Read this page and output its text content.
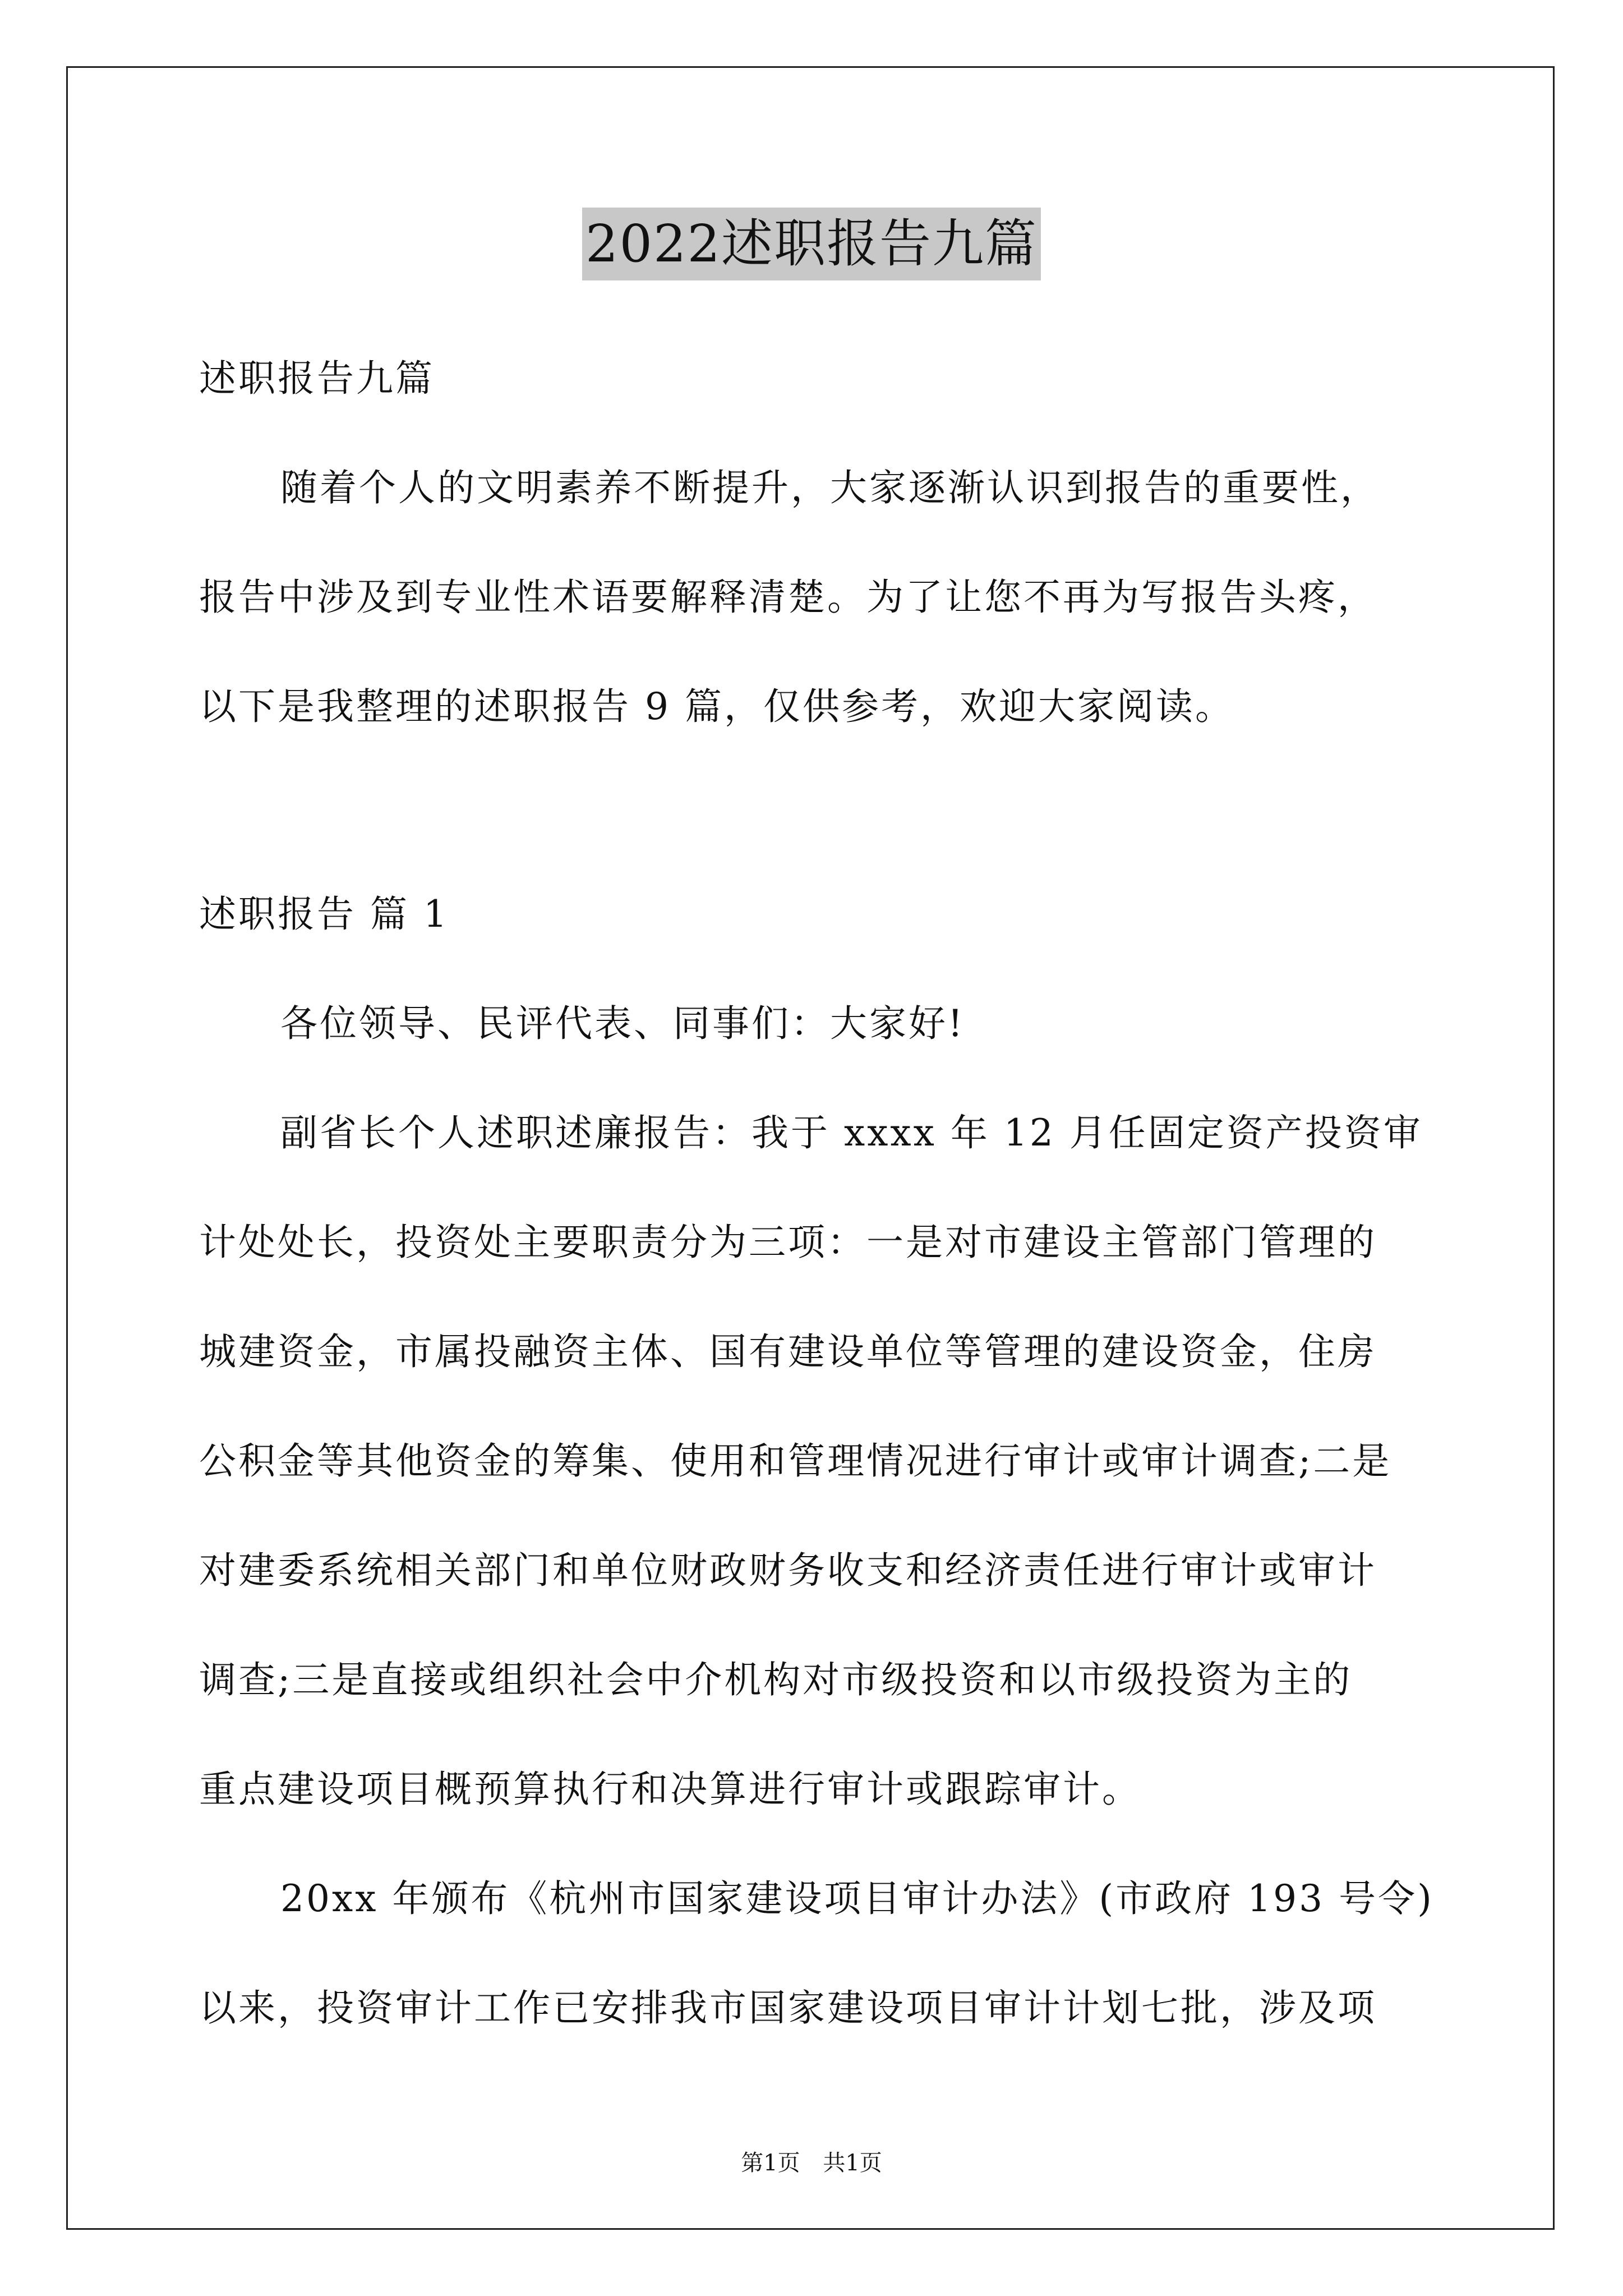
2022述职报告九篇
述职报告九篇
随着个人的文明素养不断提升，大家逐渐认识到报告的重要性，
报告中涉及到专业性术语要解释清楚。为了让您不再为写报告头疼，
以下是我整理的述职报告 9 篇，仅供参考，欢迎大家阅读。
述职报告 篇 1
各位领导、民评代表、同事们：大家好!
副省长个人述职述廉报告：我于 xxxx 年 12 月任固定资产投资审
计处处长，投资处主要职责分为三项：一是对市建设主管部门管理的
城建资金，市属投融资主体、国有建设单位等管理的建设资金，住房
公积金等其他资金的筹集、使用和管理情况进行审计或审计调查;二是
对建委系统相关部门和单位财政财务收支和经济责任进行审计或审计
调查;三是直接或组织社会中介机构对市级投资和以市级投资为主的
重点建设项目概预算执行和决算进行审计或跟踪审计。
20xx 年颁布《杭州市国家建设项目审计办法》(市政府 193 号令)
以来，投资审计工作已安排我市国家建设项目审计计划七批，涉及项
第1页 共1页
